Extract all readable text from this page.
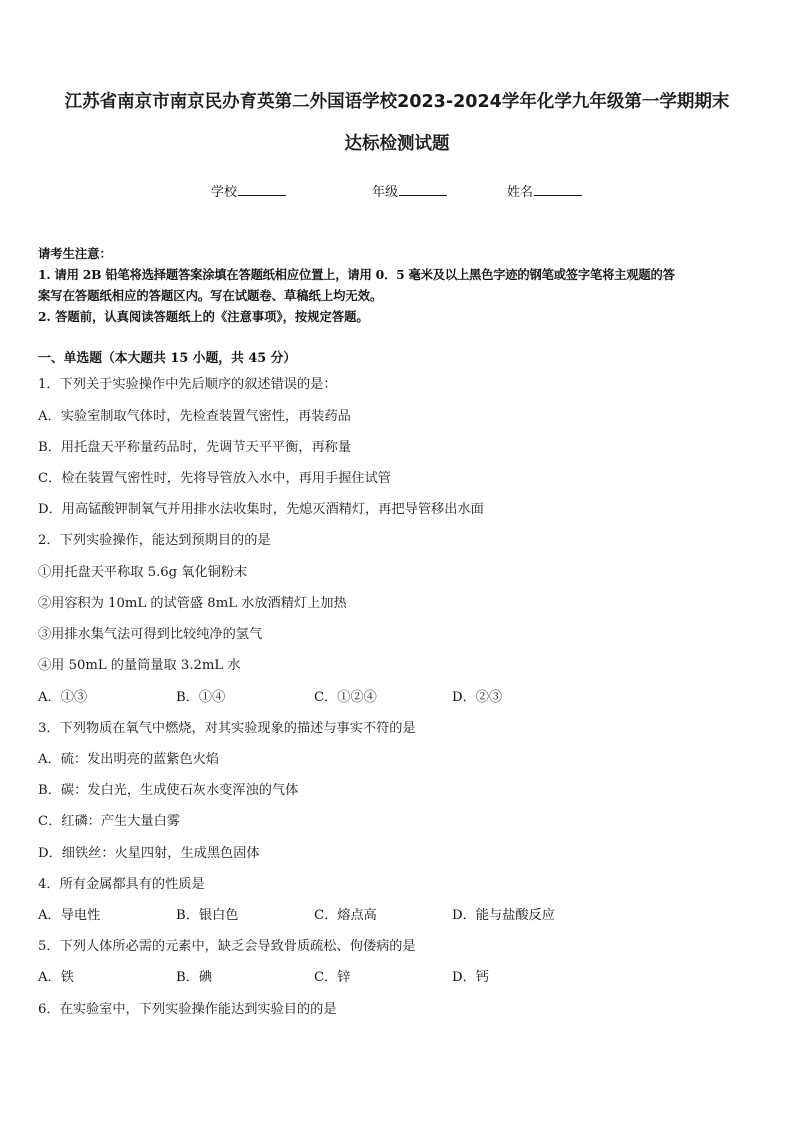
江苏省南京市南京民办育英第二外国语学校2023-2024学年化学九年级第一学期期末
达标检测试题
学校	年级	姓名

请考生注意：

1. 请用 2B 铅笔将选择题答案涂填在答题纸相应位置上，请用 0．5 毫米及以上黑色字迹的钢笔或签字笔将主观题的答

案写在答题纸相应的答题区内。写在试题卷、草稿纸上均无效。

2. 答题前，认真阅读答题纸上的《注意事项》，按规定答题。

一、单选题（本大题共 15 小题，共 45 分）
1．下列关于实验操作中先后顺序的叙述错误的是：
A．实验室制取气体时，先检查装置气密性，再装药品
B．用托盘天平称量药品时，先调节天平平衡，再称量
C．检在装置气密性时，先将导管放入水中，再用手握住试管
D．用高锰酸钾制氧气并用排水法收集时，先熄灭酒精灯，再把导管移出水面
2．下列实验操作，能达到预期目的的是
①用托盘天平称取 5.6g 氧化铜粉末
②用容积为 10mL 的试管盛 8mL 水放酒精灯上加热
③用排水集气法可得到比较纯净的氢气
④用 50mL 的量筒量取 3.2mL 水
A．①③	B．①④	C．①②④	D．②③
3．下列物质在氧气中燃烧，对其实验现象的描述与事实不符的是
A．硫：发出明亮的蓝紫色火焰
B．碳：发白光，生成使石灰水变浑浊的气体
C．红磷：产生大量白雾
D．细铁丝：火星四射，生成黑色固体
4．所有金属都具有的性质是
A．导电性	B．银白色	C．熔点高	D．能与盐酸反应
5．下列人体所必需的元素中，缺乏会导致骨质疏松、佝偻病的是
A．铁	B．碘	C．锌	D．钙
6．在实验室中，下列实验操作能达到实验目的的是
